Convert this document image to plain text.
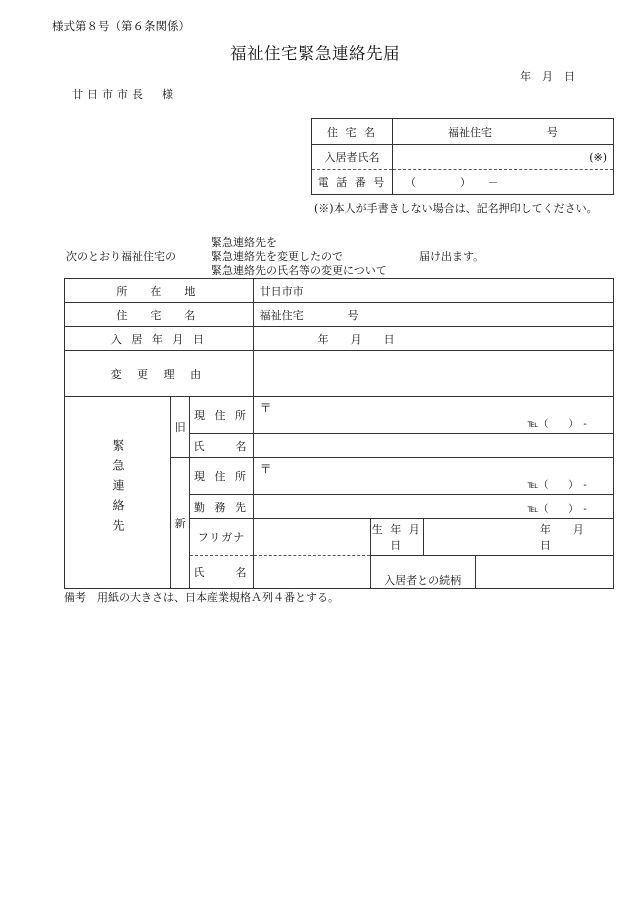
様式第８号（第６条関係）
福祉住宅緊急連絡先届
年　月　日
廿日市市長　様
住 宅 名	福祉住宅　　　　　号
入居者氏名	(※)
電 話 番 号	（　　　　）　　－
(※)本人が手書きしない場合は、記名押印してください。
次のとおり福祉住宅の
緊急連絡先を
緊急連絡先を変更したので
緊急連絡先の氏名等の変更について
届け出ます。
所　在　地			廿日市市			
住　宅　名			福祉住宅　　　　号			
入 居 年 月 日			年　　月　　日			
変 更 理 由						
緊急連絡先	旧	現 住 所	〒
℡（　　）　-			

		氏　　名				
	新	現 住 所	〒
℡（　　）　-			

		勤 務 先	℡（　　）　-			

		フリガナ		生 年 月 日	年　　月　　日	
		氏　　名		入居者との続柄		
備考　用紙の大きさは、日本産業規格Ａ列４番とする。
